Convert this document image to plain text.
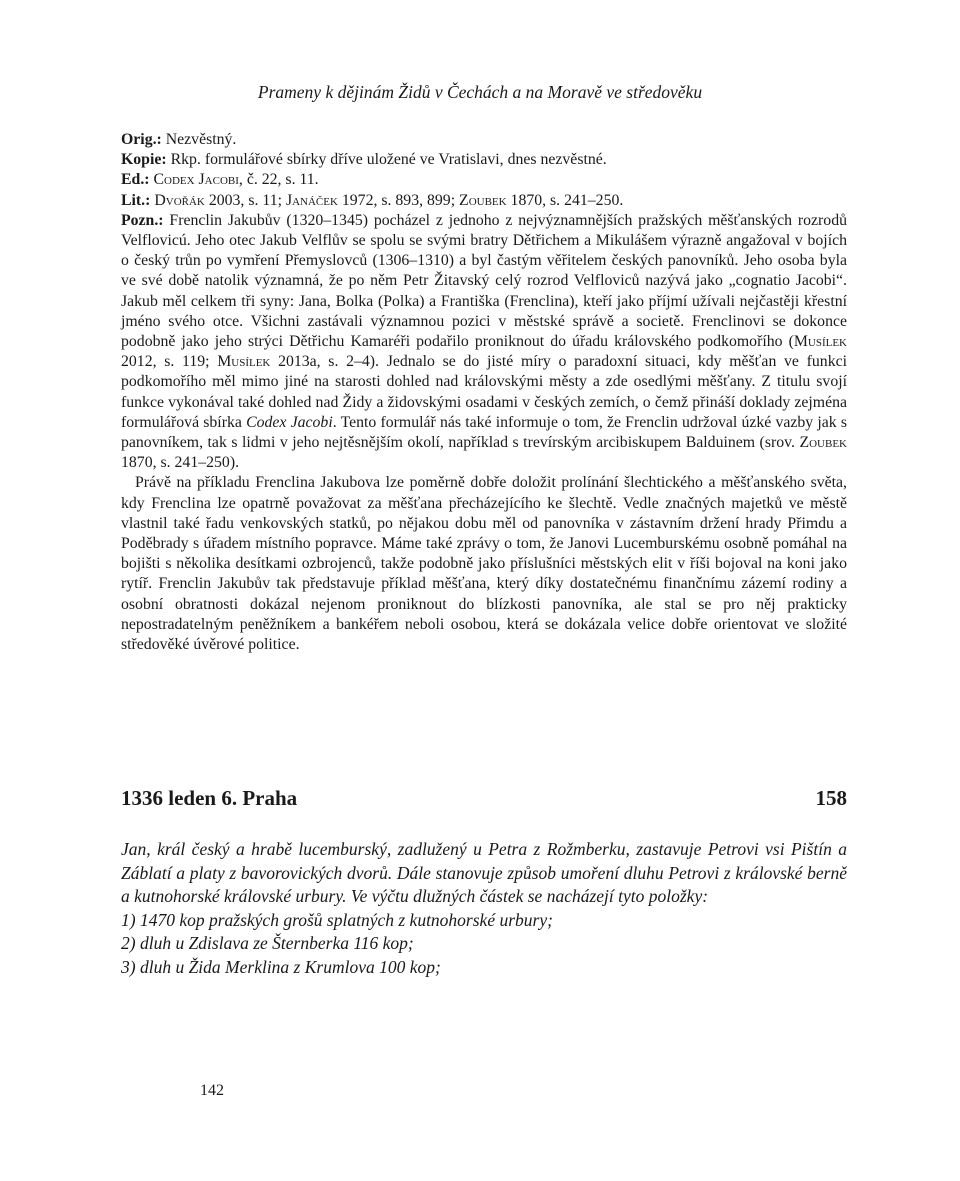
Prameny k dějinám Židů v Čechách a na Moravě ve středověku
Orig.: Nezvěstný.
Kopie: Rkp. formulářové sbírky dříve uložené ve Vratislavi, dnes nezvěstné.
Ed.: Codex Jacobi, č. 22, s. 11.
Lit.: Dvořák 2003, s. 11; Janáček 1972, s. 893, 899; Zoubek 1870, s. 241–250.

Pozn.: Frenclin Jakubův (1320–1345) pocházel z jednoho z nejvýznamnějších pražských měšťanských rozrodů Velflovicú. Jeho otec Jakub Velflův se spolu se svými bratry Dětřichem a Mikulášem výrazně angažoval v bojích o český trůn po vymření Přemyslovců (1306–1310) a byl častým věřitelem českých panovníků. Jeho osoba byla ve své době natolik významná, že po něm Petr Žitavský celý rozrod Velfloviců nazývá jako „cognatio Jacobi“. Jakub měl celkem tři syny: Jana, Bolka (Polka) a Františka (Frenclina), kteří jako příjmí užívali nejčastěji křestní jméno svého otce. Všichni zastávali významnou pozici v městské správě a societě. Frenclinovi se dokonce podobně jako jeho strýci Dětřichu Kamaréři podařilo proniknout do úřadu královského podkomořího (Musílek 2012, s. 119; Musílek 2013a, s. 2–4). Jednalo se do jisté míry o paradoxní situaci, kdy měšťan ve funkci podkomořího měl mimo jiné na starosti dohled nad královskými městy a zde osedlými měšťany. Z titulu svojí funkce vykonával také dohled nad Židy a židovskými osadami v českých zemích, o čemž přináší doklady zejména formulářová sbírka Codex Jacobi. Tento formulář nás také informuje o tom, že Frenclin udržoval úzké vazby jak s panovníkem, tak s lidmi v jeho nejtěsnějším okolí, například s trevírským arcibiskupem Balduinem (srov. Zoubek 1870, s. 241–250).

Právě na příkladu Frenclina Jakubova lze poměrně dobře doložit prolínání šlechtického a měšťanského světa, kdy Frenclina lze opatrně považovat za měšťana přecházejícího ke šlechtě. Vedle značných majetků ve městě vlastnil také řadu venkovských statků, po nějakou dobu měl od panovníka v zástavním držení hrady Přimdu a Poděbrady s úřadem místního popravce. Máme také zprávy o tom, že Janovi Lucemburskému osobně pomáhal na bojišti s několika desítkami ozbrojenců, takže podobně jako příslušníci městských elit v říši bojoval na koni jako rytíř. Frenclin Jakubův tak představuje příklad měšťana, který díky dostatečnému finančnímu zázemí rodiny a osobní obratnosti dokázal nejenom proniknout do blízkosti panovníka, ale stal se pro něj prakticky nepostradatelným peněžníkem a bankéřem neboli osobou, která se dokázala velice dobře orientovat ve složité středověké úvěrové politice.

1336 leden 6. Praha	158

Jan, král český a hrabě lucemburský, zadlužený u Petra z Rožmberku, zastavuje Petrovi vsi Pištín a Záblatí a platy z bavorovických dvorů. Dále stanovuje způsob umoření dluhu Petrovi z královské berně a kutnohorské královské urbury. Ve výčtu dlužných částek se nacházejí tyto položky:

1) 1470 kop pražských grošů splatných z kutnohorské urbury;

2) dluh u Zdislava ze Šternberka 116 kop;

3) dluh u Žida Merklina z Krumlova 100 kop;

142
